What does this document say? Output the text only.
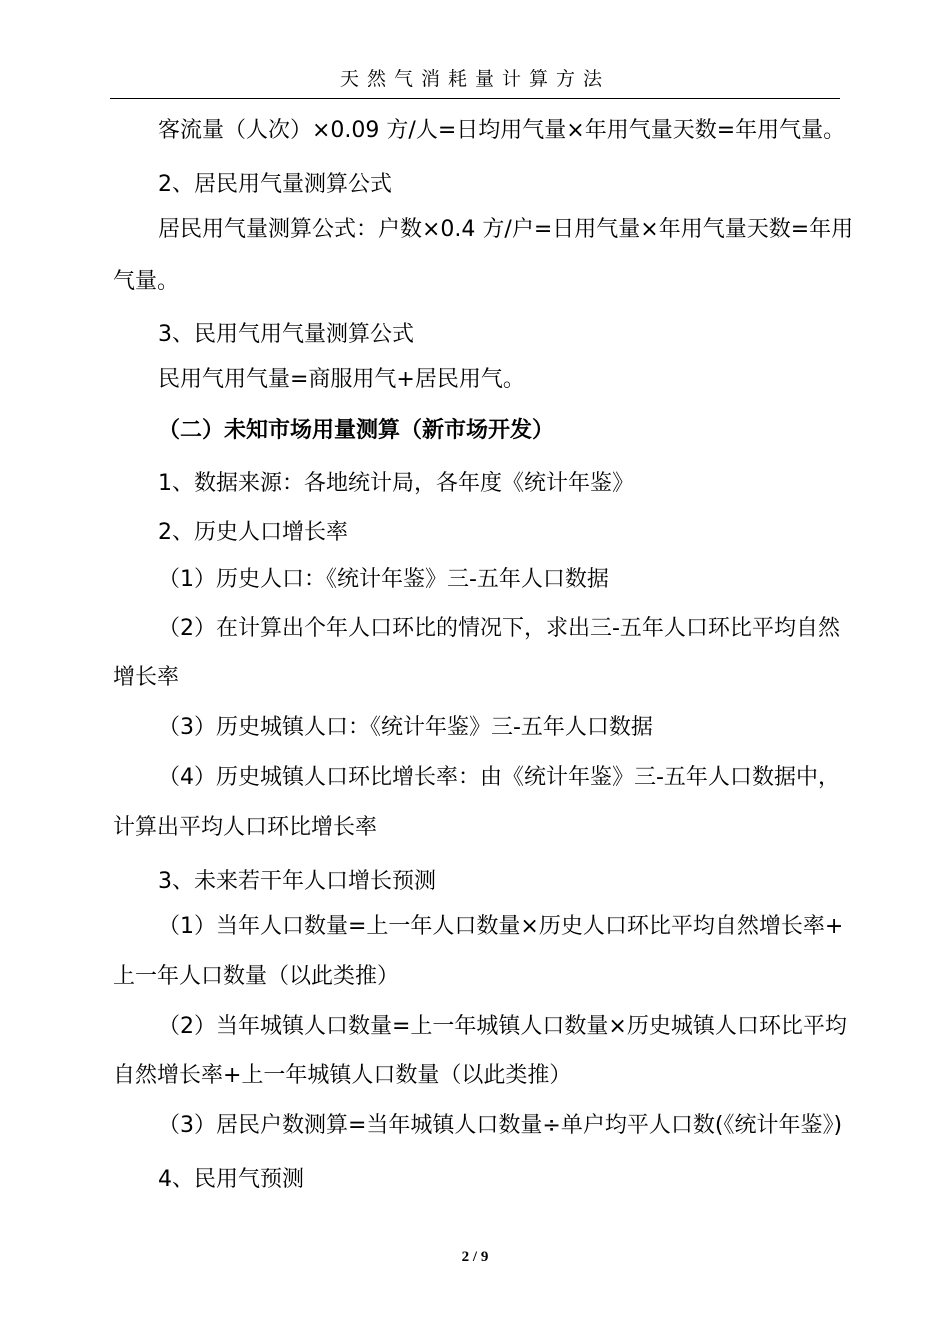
天然气消耗量计算方法
客流量（人次）×0.09 方/人=日均用气量×年用气量天数=年用气量。
2、居民用气量测算公式
居民用气量测算公式：户数×0.4 方/户=日用气量×年用气量天数=年用
气量。
3、民用气用气量测算公式
民用气用气量=商服用气+居民用气。
（二）未知市场用量测算（新市场开发）
1、数据来源：各地统计局，各年度《统计年鉴》
2、历史人口增长率
（1）历史人口：《统计年鉴》三-五年人口数据
（2）在计算出个年人口环比的情况下，求出三-五年人口环比平均自然
增长率
（3）历史城镇人口：《统计年鉴》三-五年人口数据
（4）历史城镇人口环比增长率：由《统计年鉴》三-五年人口数据中，
计算出平均人口环比增长率
3、未来若干年人口增长预测
（1）当年人口数量=上一年人口数量×历史人口环比平均自然增长率+
上一年人口数量（以此类推）
（2）当年城镇人口数量=上一年城镇人口数量×历史城镇人口环比平均
自然增长率+上一年城镇人口数量（以此类推）
（3）居民户数测算=当年城镇人口数量÷单户均平人口数(《统计年鉴》)
4、民用气预测
2 / 9
